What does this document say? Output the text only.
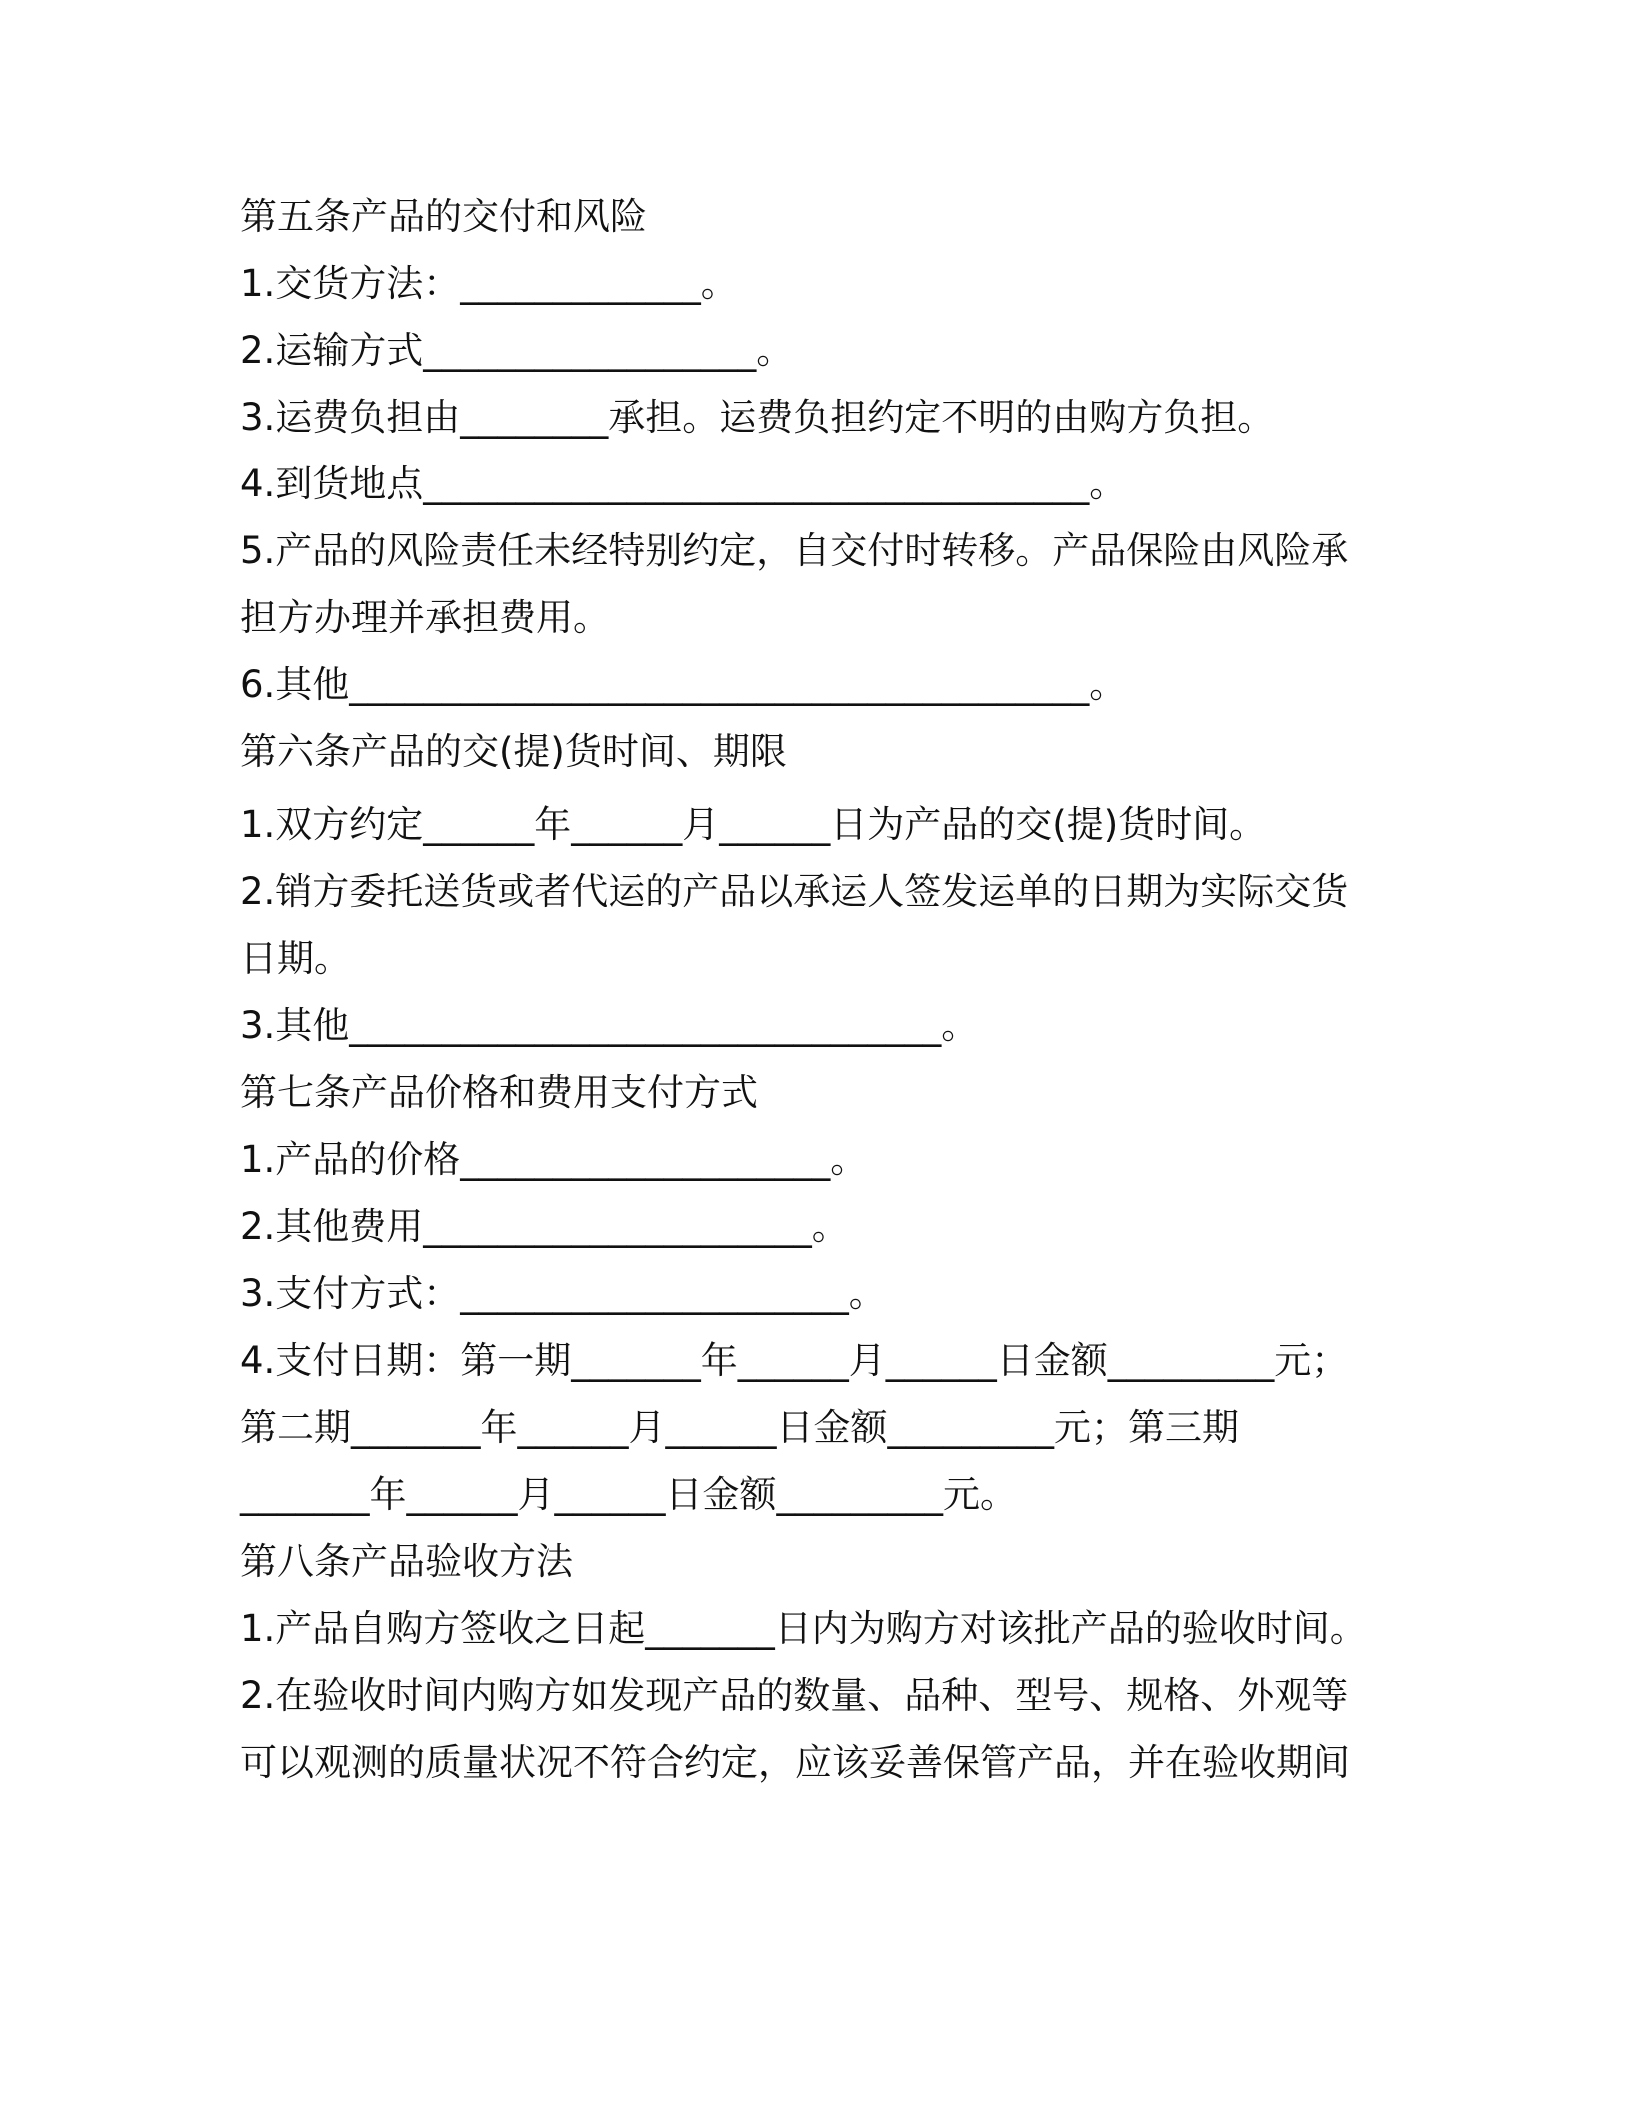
第五条产品的交付和风险
1.交货方法：_____________。
2.运输方式__________________。
3.运费负担由________承担。运费负担约定不明的由购方负担。
4.到货地点____________________________________。
5.产品的风险责任未经特别约定，自交付时转移。产品保险由风险承
担方办理并承担费用。
6.其他________________________________________。
第六条产品的交(提)货时间、期限
1.双方约定______年______月______日为产品的交(提)货时间。
2.销方委托送货或者代运的产品以承运人签发运单的日期为实际交货
日期。
3.其他________________________________。
第七条产品价格和费用支付方式
1.产品的价格____________________。
2.其他费用_____________________。
3.支付方式：_____________________。
4.支付日期：第一期_______年______月______日金额_________元；
第二期_______年______月______日金额_________元；第三期
_______年______月______日金额_________元。
第八条产品验收方法
1.产品自购方签收之日起_______日内为购方对该批产品的验收时间。
2.在验收时间内购方如发现产品的数量、品种、型号、规格、外观等
可以观测的质量状况不符合约定，应该妥善保管产品，并在验收期间
